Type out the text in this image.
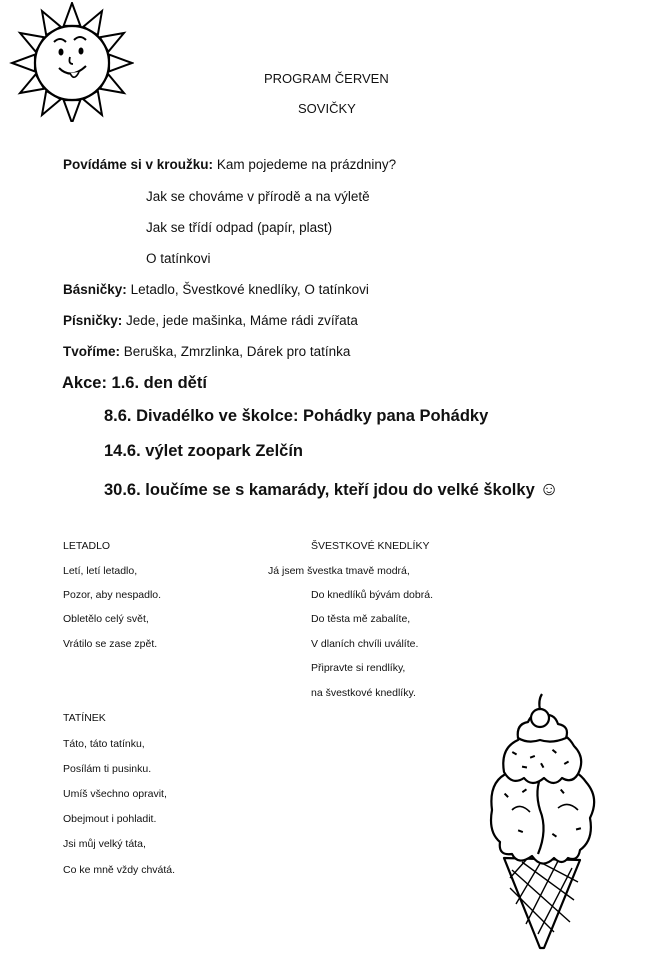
PROGRAM ČERVEN
SOVIČKY
Povídáme si v kroužku: Kam pojedeme na prázdniny?
Jak se chováme v přírodě a na výletě
Jak se třídí odpad (papír, plast)
O tatínkovi
Básničky: Letadlo, Švestkové knedlíky, O tatínkovi
Písničky: Jede, jede mašinka, Máme rádi zvířata
Tvoříme: Beruška, Zmrzlinka, Dárek pro tatínka
Akce: 1.6. den dětí
8.6. Divadélko ve školce: Pohádky pana Pohádky
14.6. výlet zoopark Zelčín
30.6. loučíme se s kamarády, kteří jdou do velké školky ☺
LETADLO
Letí, letí letadlo,
Pozor, aby nespadlo.
Obletělo celý svět,
Vrátilo se zase zpět.
ŠVESTKOVÉ KNEDLÍKY
Já jsem švestka tmavě modrá,
Do knedlíků bývám dobrá.
Do těsta mě zabalíte,
V dlaních chvíli uválíte.
Připravte si rendlíky,
na švestkové knedlíky.
TATÍNEK
Táto, táto tatínku,
Posílám ti pusinku.
Umíš všechno opravit,
Obejmout i pohladit.
Jsi můj velký táta,
Co ke mně vždy chvátá.
